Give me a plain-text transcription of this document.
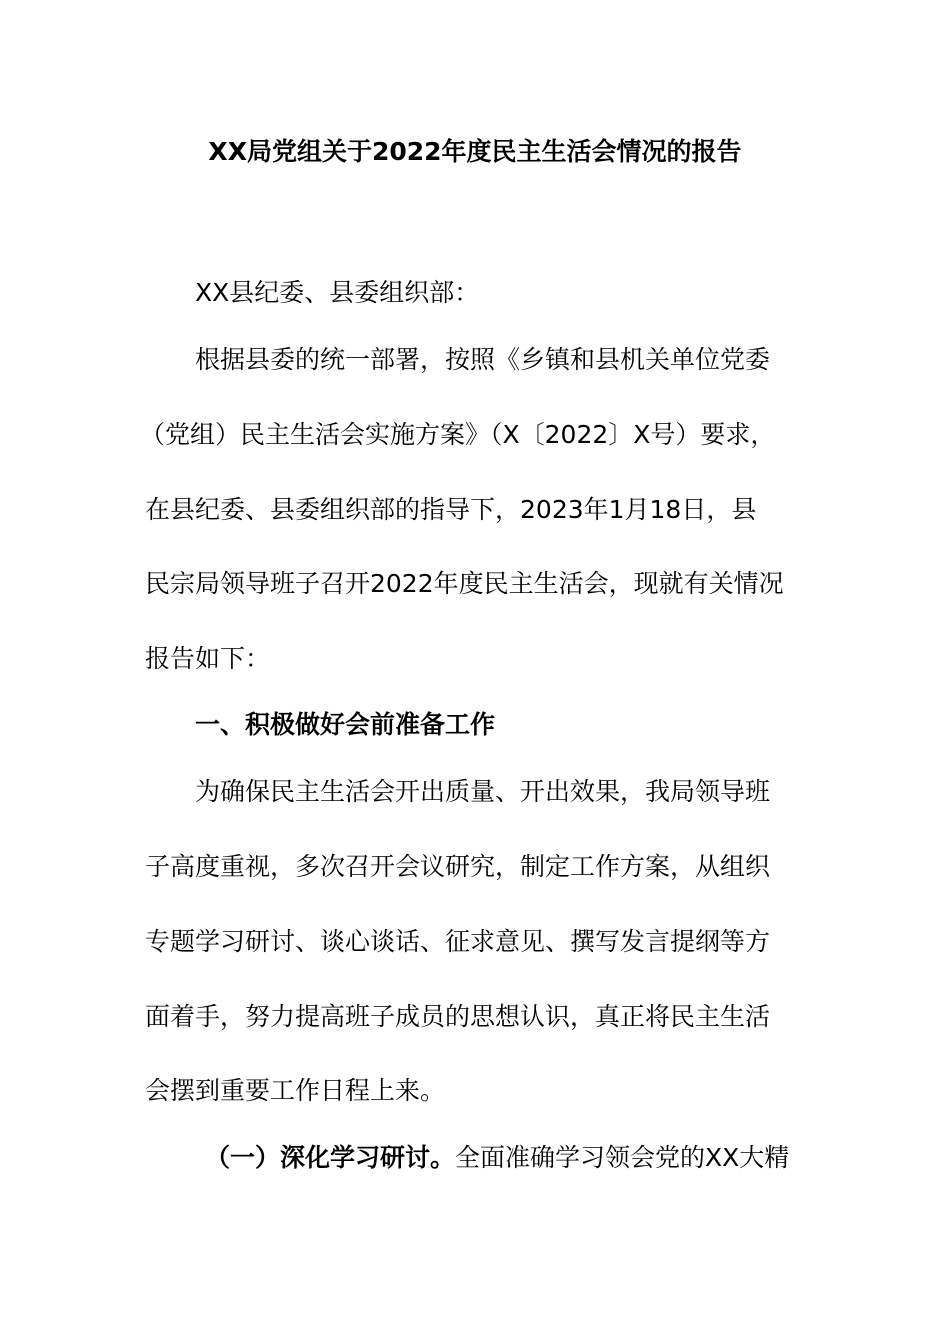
XX局党组关于2022年度民主生活会情况的报告
XX县纪委、县委组织部：
根据县委的统一部署，按照《乡镇和县机关单位党委
（党组）民主生活会实施方案》（X〔2022〕X号）要求，
在县纪委、县委组织部的指导下，2023年1月18日，县
民宗局领导班子召开2022年度民主生活会，现就有关情况
报告如下：
一、积极做好会前准备工作
为确保民主生活会开出质量、开出效果，我局领导班
子高度重视，多次召开会议研究，制定工作方案，从组织
专题学习研讨、谈心谈话、征求意见、撰写发言提纲等方
面着手，努力提高班子成员的思想认识，真正将民主生活
会摆到重要工作日程上来。
（一）深化学习研讨。全面准确学习领会党的XX大精
